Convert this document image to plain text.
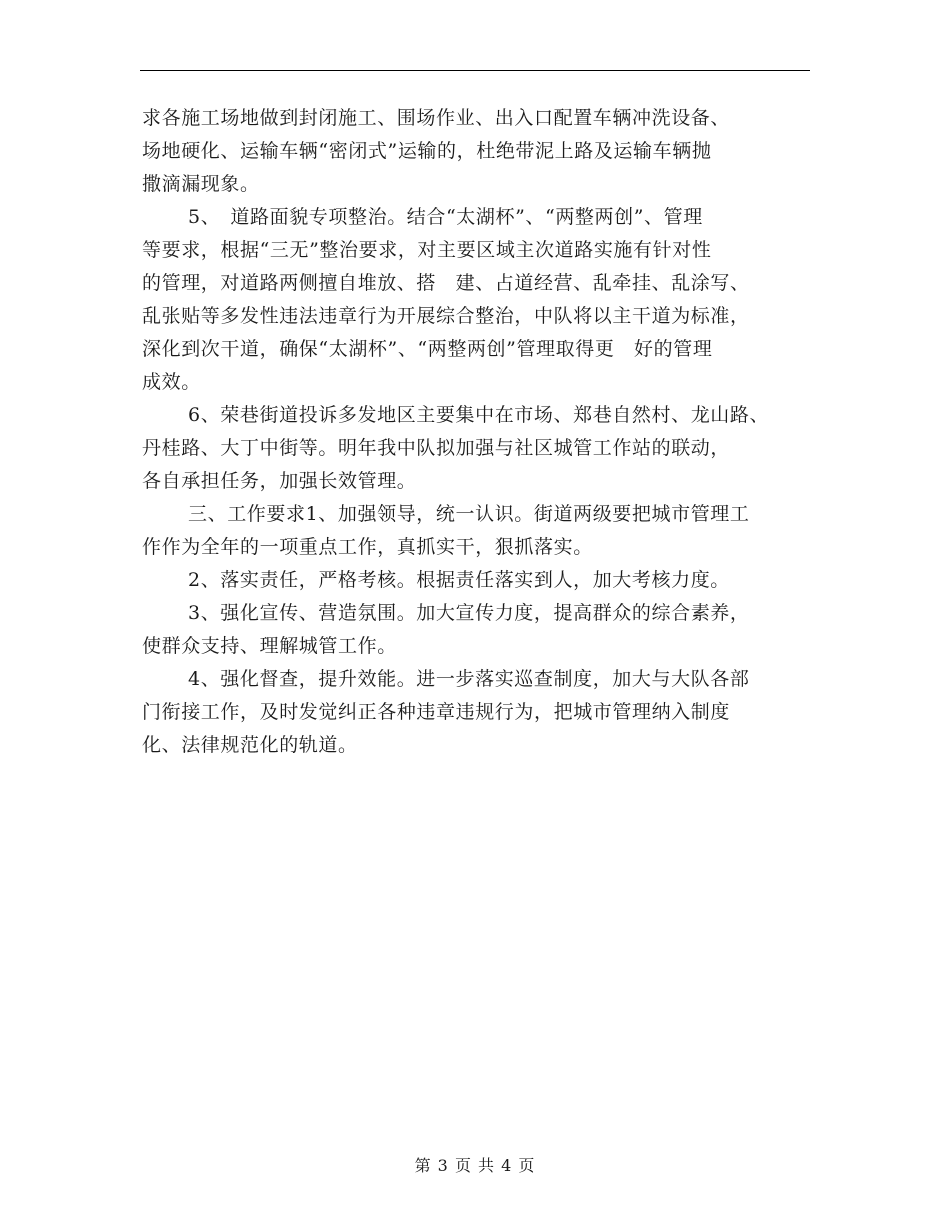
求各施工场地做到封闭施工、围场作业、出入口配置车辆冲洗设备、
场地硬化、运输车辆“密闭式”运输的，杜绝带泥上路及运输车辆抛
撒滴漏现象。
5、　道路面貌专项整治。结合“太湖杯”、“两整两创”、管理
等要求，根据“三无”整治要求，对主要区域主次道路实施有针对性
的管理，对道路两侧擅自堆放、搭　建、占道经营、乱牵挂、乱涂写、
乱张贴等多发性违法违章行为开展综合整治，中队将以主干道为标准，
深化到次干道，确保“太湖杯”、“两整两创”管理取得更　好的管理
成效。
6、荣巷街道投诉多发地区主要集中在市场、郑巷自然村、龙山路、
丹桂路、大丁中街等。明年我中队拟加强与社区城管工作站的联动，
各自承担任务，加强长效管理。
三、工作要求1、加强领导，统一认识。街道两级要把城市管理工
作作为全年的一项重点工作，真抓实干，狠抓落实。
2、落实责任，严格考核。根据责任落实到人，加大考核力度。
3、强化宣传、营造氛围。加大宣传力度，提高群众的综合素养，
使群众支持、理解城管工作。
4、强化督查，提升效能。进一步落实巡查制度，加大与大队各部
门衔接工作，及时发觉纠正各种违章违规行为，把城市管理纳入制度
化、法律规范化的轨道。
第 3 页 共 4 页
